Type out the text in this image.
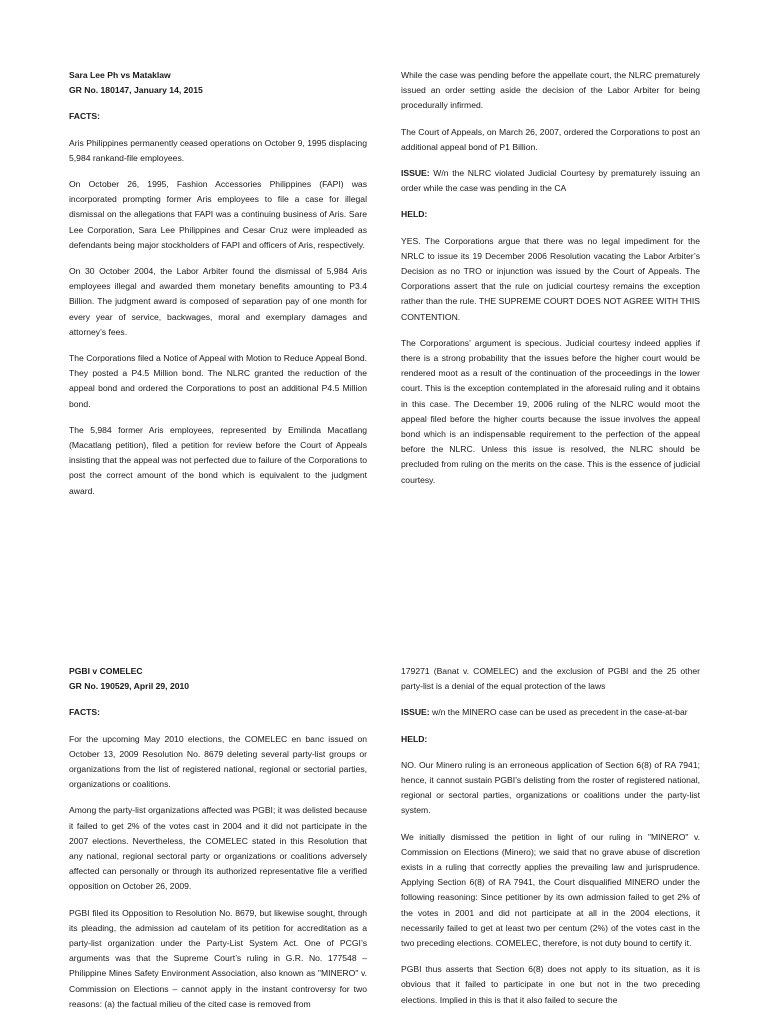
Sara Lee Ph vs Mataklaw

GR No. 180147, January 14, 2015

FACTS:

Aris Philippines permanently ceased operations on October 9, 1995 displacing 5,984 rankand-file employees.

On October 26, 1995, Fashion Accessories Philippines (FAPI) was incorporated prompting former Aris employees to file a case for illegal dismissal on the allegations that FAPI was a continuing business of Aris. Sare Lee Corporation, Sara Lee Philippines and Cesar Cruz were impleaded as defendants being major stockholders of FAPI and officers of Aris, respectively.

On 30 October 2004, the Labor Arbiter found the dismissal of 5,984 Aris employees illegal and awarded them monetary benefits amounting to P3.4 Billion. The judgment award is composed of separation pay of one month for every year of service, backwages, moral and exemplary damages and attorney’s fees.

The Corporations filed a Notice of Appeal with Motion to Reduce Appeal Bond. They posted a P4.5 Million bond. The NLRC granted the reduction of the appeal bond and ordered the Corporations to post an additional P4.5 Million bond.

The 5,984 former Aris employees, represented by Emilinda Macatlang (Macatlang petition), filed a petition for review before the Court of Appeals insisting that the appeal was not perfected due to failure of the Corporations to post the correct amount of the bond which is equivalent to the judgment award.

While the case was pending before the appellate court, the NLRC prematurely issued an order setting aside the decision of the Labor Arbiter for being procedurally infirmed.

The Court of Appeals, on March 26, 2007, ordered the Corporations to post an additional appeal bond of P1 Billion.

ISSUE: W/n the NLRC violated Judicial Courtesy by prematurely issuing an order while the case was pending in the CA

HELD:

YES. The Corporations argue that there was no legal impediment for the NRLC to issue its 19 December 2006 Resolution vacating the Labor Arbiter’s Decision as no TRO or injunction was issued by the Court of Appeals. The Corporations assert that the rule on judicial courtesy remains the exception rather than the rule. THE SUPREME COURT DOES NOT AGREE WITH THIS CONTENTION.

The Corporations’ argument is specious. Judicial courtesy indeed applies if there is a strong probability that the issues before the higher court would be rendered moot as a result of the continuation of the proceedings in the lower court. This is the exception contemplated in the aforesaid ruling and it obtains in this case. The December 19, 2006 ruling of the NLRC would moot the appeal filed before the higher courts because the issue involves the appeal bond which is an indispensable requirement to the perfection of the appeal before the NLRC. Unless this issue is resolved, the NLRC should be precluded from ruling on the merits on the case. This is the essence of judicial courtesy.

PGBI v COMELEC

GR No. 190529, April 29, 2010

FACTS:

For the upcoming May 2010 elections, the COMELEC en banc issued on October 13, 2009 Resolution No. 8679 deleting several party-list groups or organizations from the list of registered national, regional or sectorial parties, organizations or coalitions.

Among the party-list organizations affected was PGBI; it was delisted because it failed to get 2% of the votes cast in 2004 and it did not participate in the 2007 elections. Nevertheless, the COMELEC stated in this Resolution that any national, regional sectoral party or organizations or coalitions adversely affected can personally or through its authorized representative file a verified opposition on October 26, 2009.

PGBI filed its Opposition to Resolution No. 8679, but likewise sought, through its pleading, the admission ad cautelam of its petition for accreditation as a party-list organization under the Party-List System Act. One of PCGI’s arguments was that the Supreme Court’s ruling in G.R. No. 177548 – Philippine Mines Safety Environment Association, also known as "MINERO" v. Commission on Elections – cannot apply in the instant controversy for two reasons: (a) the factual milieu of the cited case is removed from

179271 (Banat v. COMELEC) and the exclusion of PGBI and the 25 other party-list is a denial of the equal protection of the laws

ISSUE: w/n the MINERO case can be used as precedent in the case-at-bar

HELD:

NO. Our Minero ruling is an erroneous application of Section 6(8) of RA 7941; hence, it cannot sustain PGBI’s delisting from the roster of registered national, regional or sectoral parties, organizations or coalitions under the party-list system.

We initially dismissed the petition in light of our ruling in "MINERO" v. Commission on Elections (Minero); we said that no grave abuse of discretion exists in a ruling that correctly applies the prevailing law and jurisprudence. Applying Section 6(8) of RA 7941, the Court disqualified MINERO under the following reasoning: Since petitioner by its own admission failed to get 2% of the votes in 2001 and did not participate at all in the 2004 elections, it necessarily failed to get at least two per centum (2%) of the votes cast in the two preceding elections. COMELEC, therefore, is not duty bound to certify it.

PGBI thus asserts that Section 6(8) does not apply to its situation, as it is obvious that it failed to participate in one but not in the two preceding elections. Implied in this is that it also failed to secure the
